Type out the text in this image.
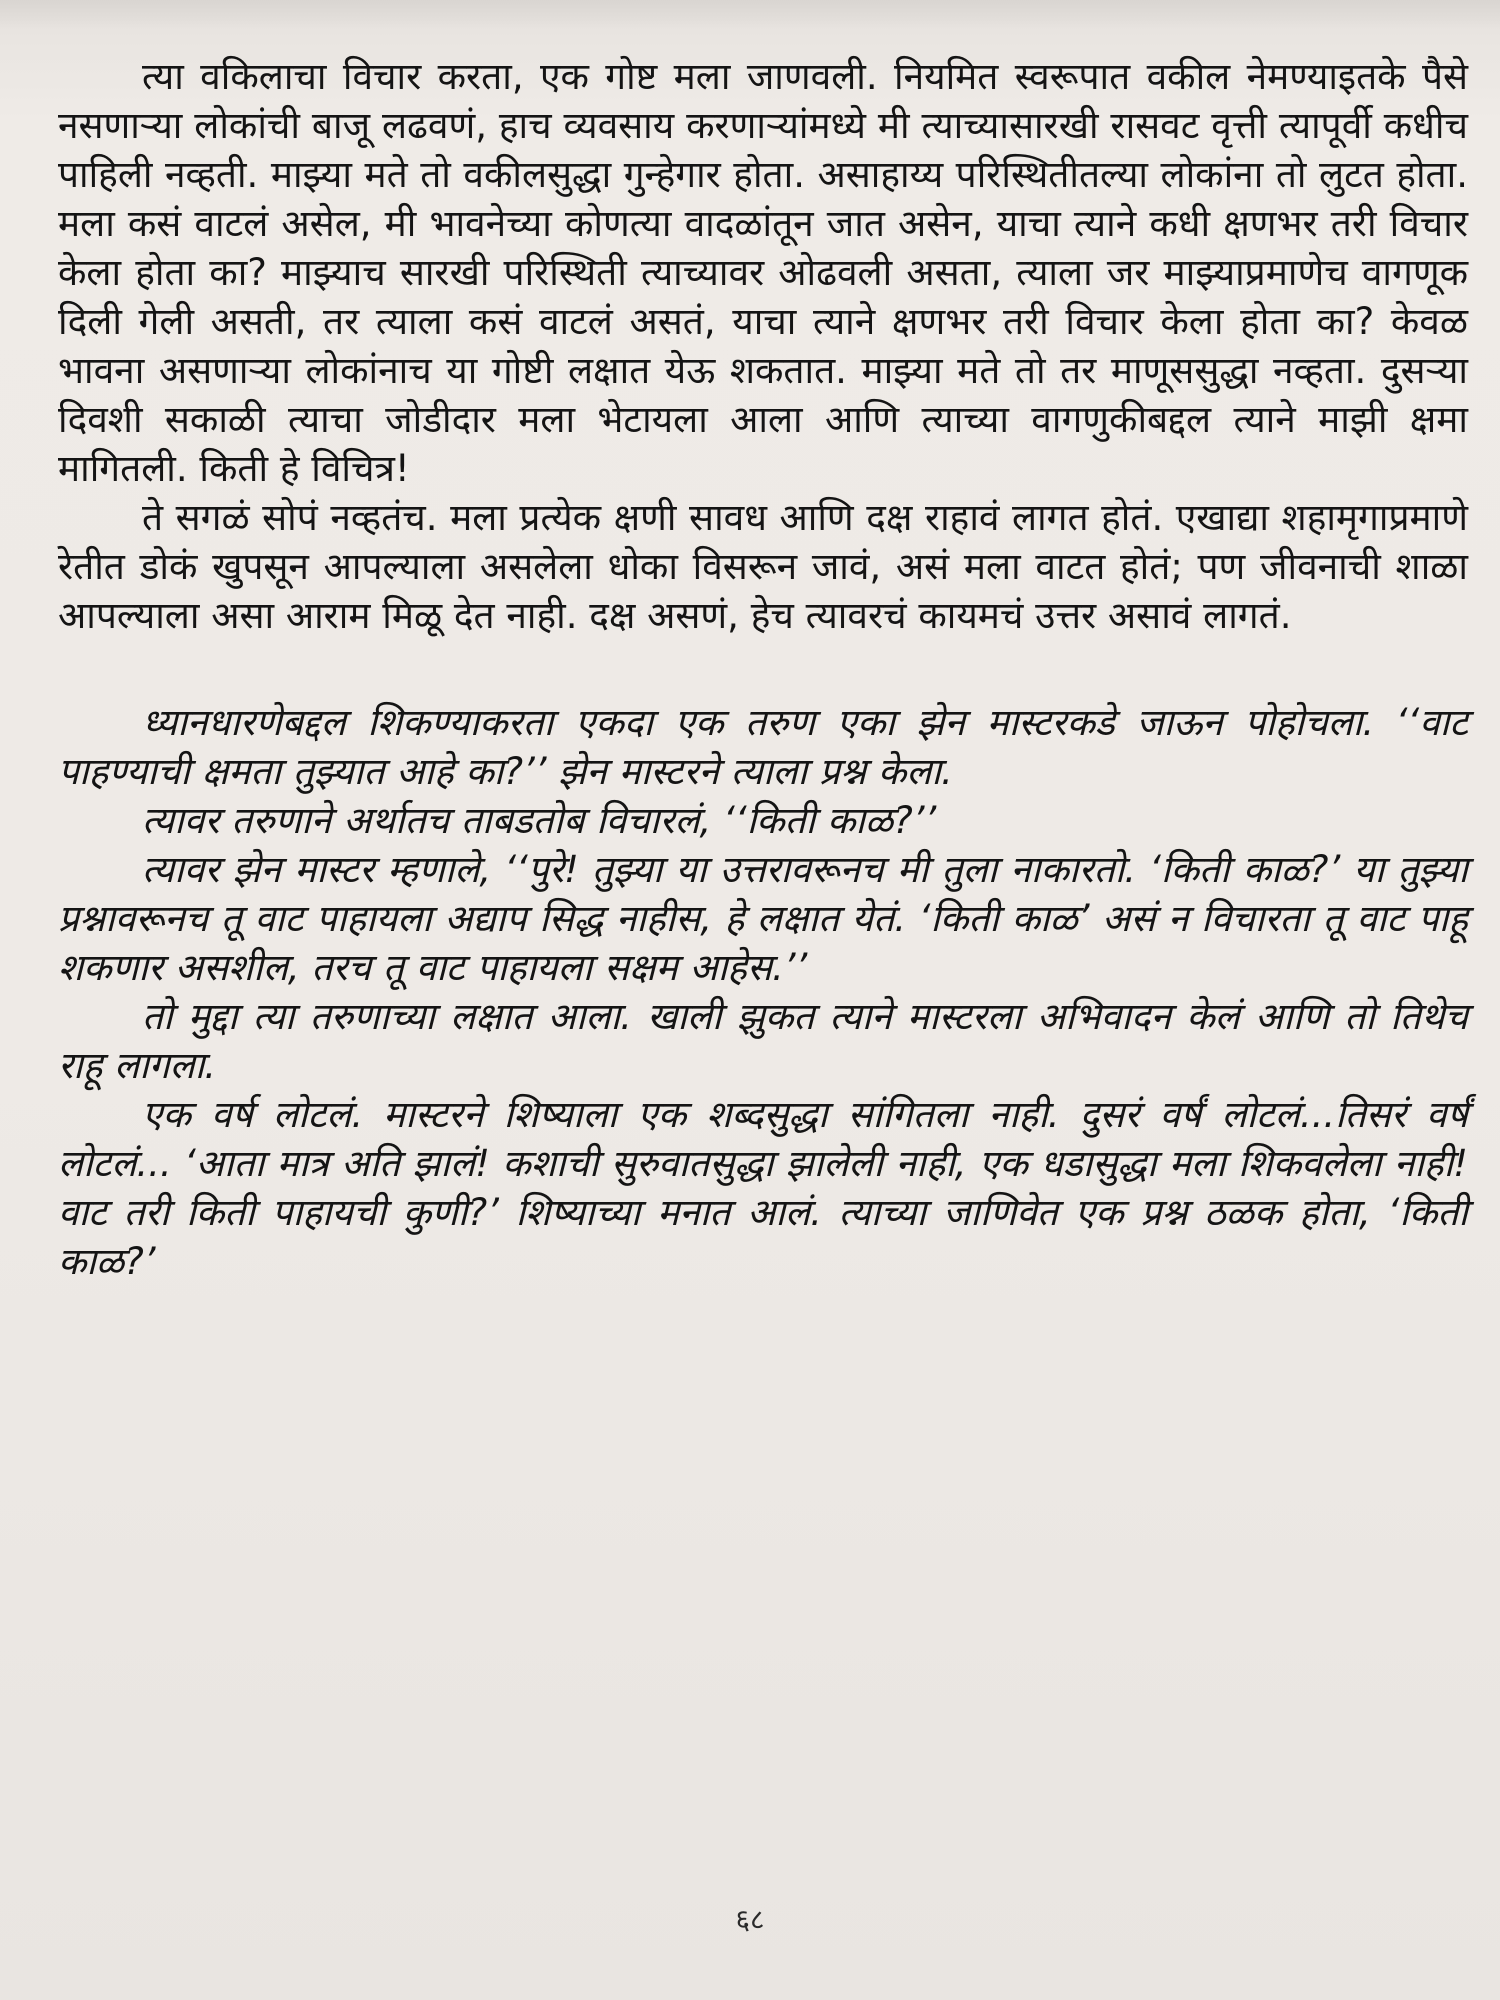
त्या वकिलाचा विचार करता, एक गोष्ट मला जाणवली. नियमित स्वरूपात वकील नेमण्याइतके पैसे नसणाऱ्या लोकांची बाजू लढवणं, हाच व्यवसाय करणाऱ्यांमध्ये मी त्याच्यासारखी रासवट वृत्ती त्यापूर्वी कधीच पाहिली नव्हती. माझ्या मते तो वकीलसुद्धा गुन्हेगार होता. असाहाय्य परिस्थितीतल्या लोकांना तो लुटत होता. मला कसं वाटलं असेल, मी भावनेच्या कोणत्या वादळांतून जात असेन, याचा त्याने कधी क्षणभर तरी विचार केला होता का? माझ्याच सारखी परिस्थिती त्याच्यावर ओढवली असता, त्याला जर माझ्याप्रमाणेच वागणूक दिली गेली असती, तर त्याला कसं वाटलं असतं, याचा त्याने क्षणभर तरी विचार केला होता का? केवळ भावना असणाऱ्या लोकांनाच या गोष्टी लक्षात येऊ शकतात. माझ्या मते तो तर माणूससुद्धा नव्हता. दुसऱ्या दिवशी सकाळी त्याचा जोडीदार मला भेटायला आला आणि त्याच्या वागणुकीबद्दल त्याने माझी क्षमा मागितली. किती हे विचित्र!

ते सगळं सोपं नव्हतंच. मला प्रत्येक क्षणी सावध आणि दक्ष राहावं लागत होतं. एखाद्या शहामृगाप्रमाणे रेतीत डोकं खुपसून आपल्याला असलेला धोका विसरून जावं, असं मला वाटत होतं; पण जीवनाची शाळा आपल्याला असा आराम मिळू देत नाही. दक्ष असणं, हेच त्यावरचं कायमचं उत्तर असावं लागतं.

ध्यानधारणेबद्दल शिकण्याकरता एकदा एक तरुण एका झेन मास्टरकडे जाऊन पोहोचला. ‘‘वाट पाहण्याची क्षमता तुझ्यात आहे का?’’ झेन मास्टरने त्याला प्रश्न केला.

त्यावर तरुणाने अर्थातच ताबडतोब विचारलं, ‘‘किती काळ?’’

त्यावर झेन मास्टर म्हणाले, ‘‘पुरे! तुझ्या या उत्तरावरूनच मी तुला नाकारतो. ‘किती काळ?’ या तुझ्या प्रश्नावरूनच तू वाट पाहायला अद्याप सिद्ध नाहीस, हे लक्षात येतं. ‘किती काळ’ असं न विचारता तू वाट पाहू शकणार असशील, तरच तू वाट पाहायला सक्षम आहेस.’’

तो मुद्दा त्या तरुणाच्या लक्षात आला. खाली झुकत त्याने मास्टरला अभिवादन केलं आणि तो तिथेच राहू लागला.

एक वर्ष लोटलं. मास्टरने शिष्याला एक शब्दसुद्धा सांगितला नाही. दुसरं वर्षं लोटलं...तिसरं वर्षं लोटलं... ‘आता मात्र अति झालं! कशाची सुरुवातसुद्धा झालेली नाही, एक धडासुद्धा मला शिकवलेला नाही! वाट तरी किती पाहायची कुणी?’ शिष्याच्या मनात आलं. त्याच्या जाणिवेत एक प्रश्न ठळक होता, ‘किती काळ?’

६८
